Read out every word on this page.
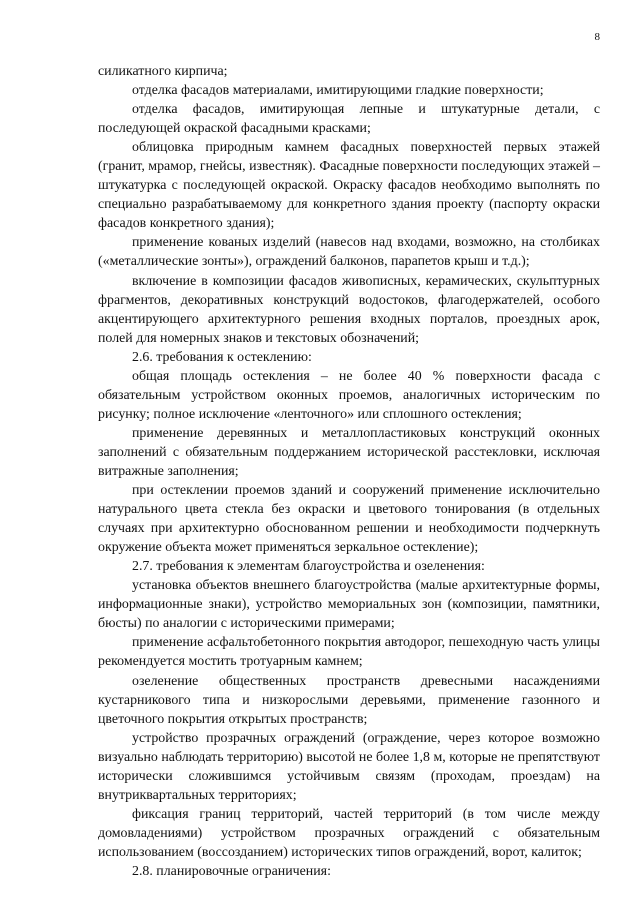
8

силикатного кирпича;

отделка фасадов материалами, имитирующими гладкие поверхности;

отделка фасадов, имитирующая лепные и штукатурные детали, с последующей окраской фасадными красками;

облицовка природным камнем фасадных поверхностей первых этажей (гранит, мрамор, гнейсы, известняк). Фасадные поверхности последующих этажей – штукатурка с последующей окраской. Окраску фасадов необходимо выполнять по специально разрабатываемому для конкретного здания проекту (паспорту окраски фасадов конкретного здания);

применение кованых изделий (навесов над входами, возможно, на столбиках («металлические зонты»), ограждений балконов, парапетов крыш и т.д.);

включение в композиции фасадов живописных, керамических, скульптурных фрагментов, декоративных конструкций водостоков, флагодержателей, особого акцентирующего архитектурного решения входных порталов, проездных арок, полей для номерных знаков и текстовых обозначений;

2.6. требования к остеклению:

общая площадь остекления – не более 40 % поверхности фасада с обязательным устройством оконных проемов, аналогичных историческим по рисунку; полное исключение «ленточного» или сплошного остекления;

применение деревянных и металлопластиковых конструкций оконных заполнений с обязательным поддержанием исторической расстекловки, исключая витражные заполнения;

при остеклении проемов зданий и сооружений применение исключительно натурального цвета стекла без окраски и цветового тонирования (в отдельных случаях при архитектурно обоснованном решении и необходимости подчеркнуть окружение объекта может применяться зеркальное остекление);

2.7. требования к элементам благоустройства и озеленения:

установка объектов внешнего благоустройства (малые архитектурные формы, информационные знаки), устройство мемориальных зон (композиции, памятники, бюсты) по аналогии с историческими примерами;

применение асфальтобетонного покрытия автодорог, пешеходную часть улицы рекомендуется мостить тротуарным камнем;

озеленение общественных пространств древесными насаждениями кустарникового типа и низкорослыми деревьями, применение газонного и цветочного покрытия открытых пространств;

устройство прозрачных ограждений (ограждение, через которое возможно визуально наблюдать территорию) высотой не более 1,8 м, которые не препятствуют исторически сложившимся устойчивым связям (проходам, проездам) на внутриквартальных территориях;

фиксация границ территорий, частей территорий (в том числе между домовладениями) устройством прозрачных ограждений с обязательным использованием (воссозданием) исторических типов ограждений, ворот, калиток;

2.8. планировочные ограничения:
